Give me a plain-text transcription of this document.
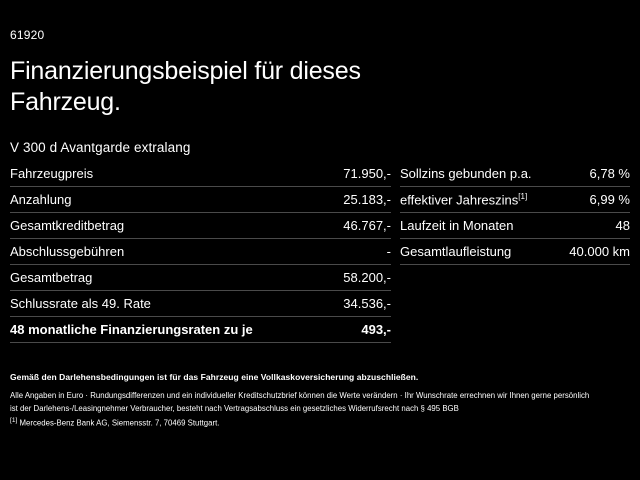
61920
Finanzierungsbeispiel für dieses
Fahrzeug.
V 300 d Avantgarde extralang
Fahrzeugpreis	71.950,-
Anzahlung	25.183,-
Gesamtkreditbetrag	46.767,-
Abschlussgebühren	-
Gesamtbetrag	58.200,-
Schlussrate als 49. Rate	34.536,-
48 monatliche Finanzierungsraten zu je	493,-
Sollzins gebunden p.a.	6,78 %
effektiver Jahreszins[1]	6,99 %
Laufzeit in Monaten	48
Gesamtlaufleistung	40.000 km
Gemäß den Darlehensbedingungen ist für das Fahrzeug eine Vollkaskoversicherung abzuschließen.
Alle Angaben in Euro · Rundungsdifferenzen und ein individueller Kreditschutzbrief können die Werte verändern · Ihr Wunschrate errechnen wir Ihnen gerne persönlich
ist der Darlehens-/Leasingnehmer Verbraucher, besteht nach Vertragsabschluss ein gesetzliches Widerrufsrecht nach § 495 BGB
[1] Mercedes-Benz Bank AG, Siemensstr. 7, 70469 Stuttgart.
